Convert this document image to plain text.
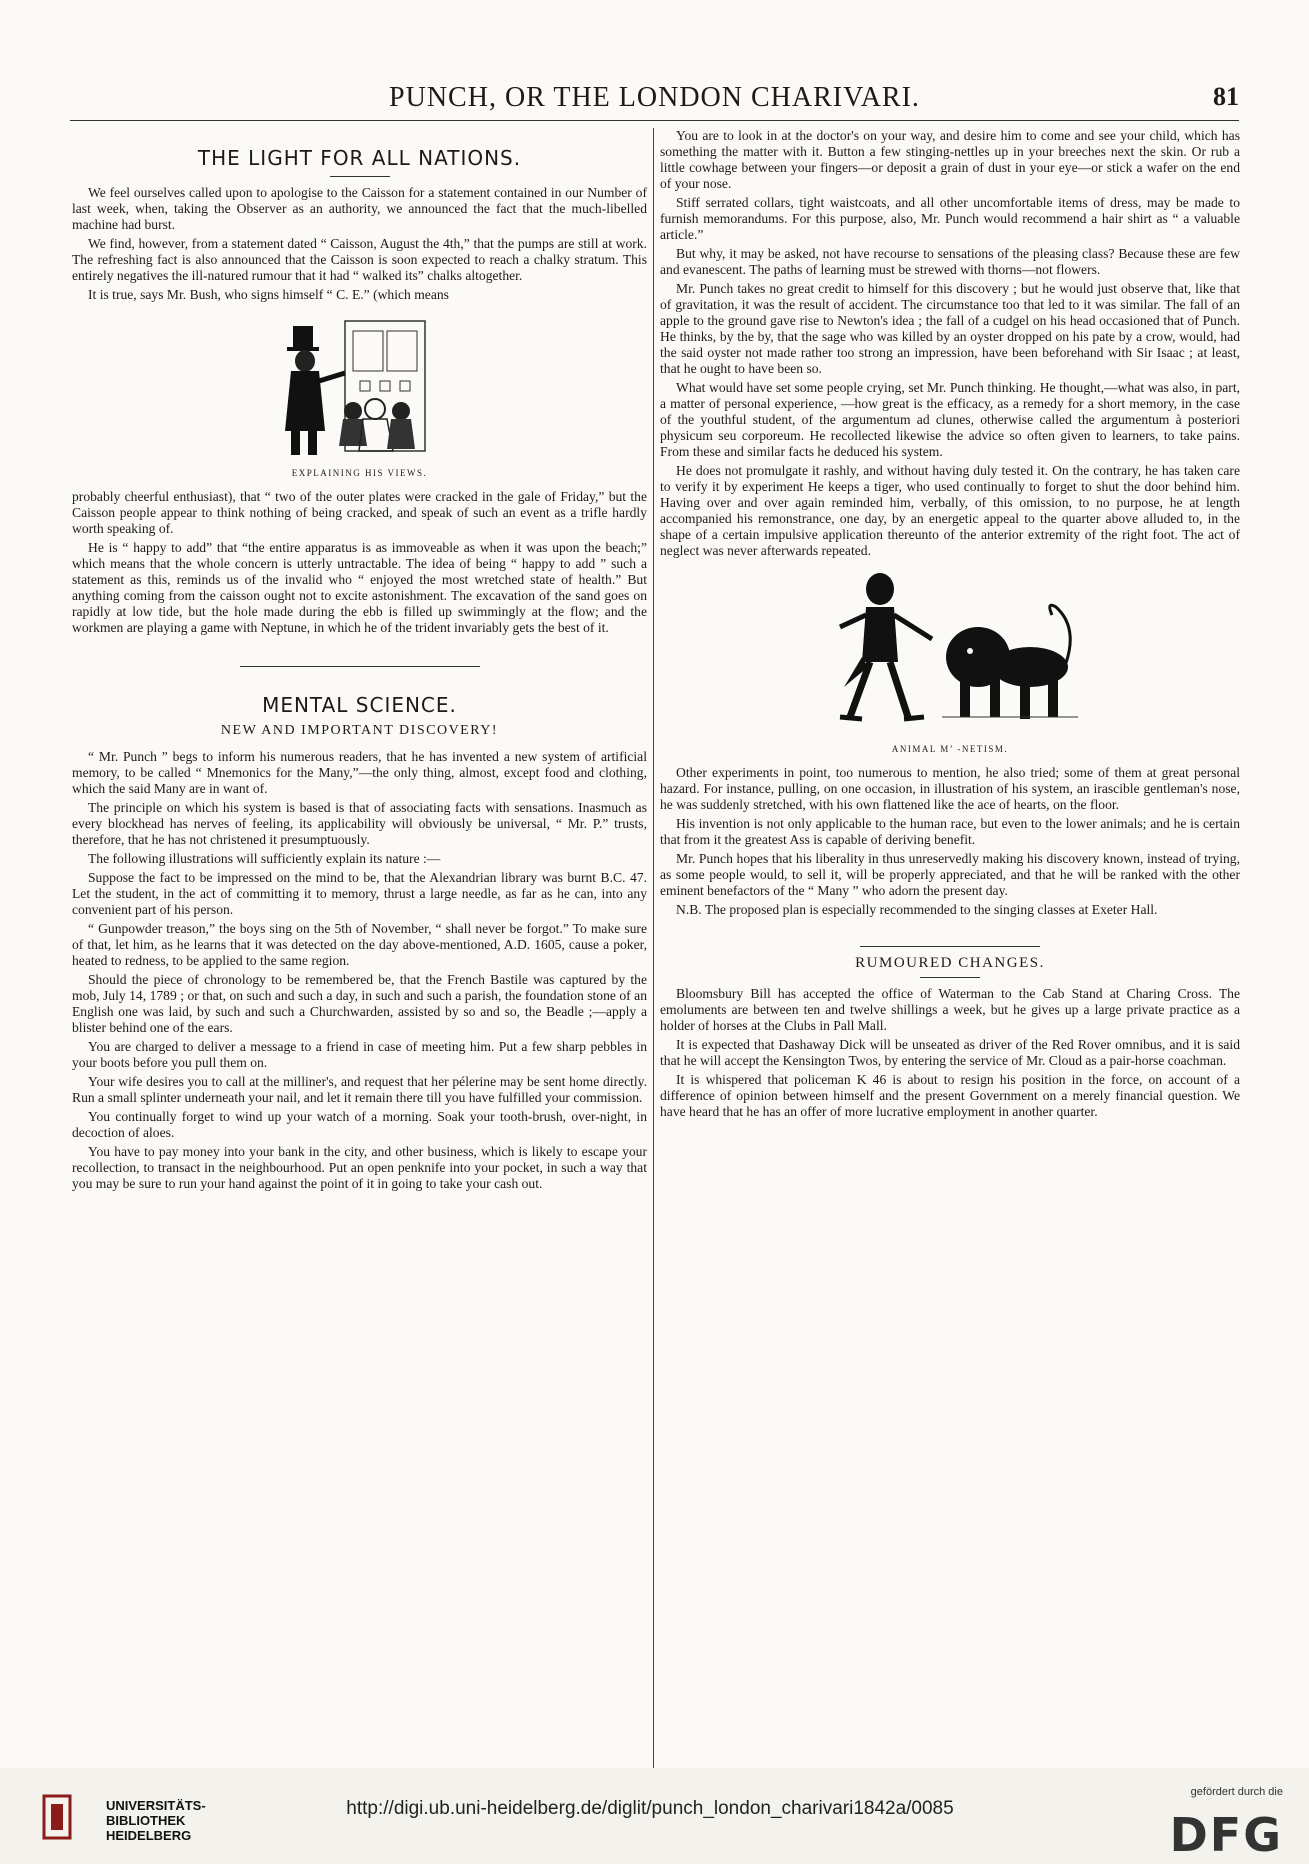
PUNCH, OR THE LONDON CHARIVARI.	81
THE LIGHT FOR ALL NATIONS.

We feel ourselves called upon to apologise to the Caisson for a statement contained in our Number of last week, when, taking the Observer as an authority, we announced the fact that the much-libelled machine had burst.

We find, however, from a statement dated “ Caisson, August the 4th,” that the pumps are still at work. The refreshing fact is also announced that the Caisson is soon expected to reach a chalky stratum. This entirely negatives the ill-natured rumour that it had “ walked its” chalks altogether.

It is true, says Mr. Bush, who signs himself “ C. E.” (which means

EXPLAINING HIS VIEWS.

probably cheerful enthusiast), that “ two of the outer plates were cracked in the gale of Friday,” but the Caisson people appear to think nothing of being cracked, and speak of such an event as a trifle hardly worth speaking of.

He is “ happy to add” that “the entire apparatus is as immoveable as when it was upon the beach;” which means that the whole concern is utterly untractable. The idea of being “ happy to add ” such a statement as this, reminds us of the invalid who “ enjoyed the most wretched state of health.” But anything coming from the caisson ought not to excite astonishment. The excavation of the sand goes on rapidly at low tide, but the hole made during the ebb is filled up swimmingly at the flow; and the workmen are playing a game with Neptune, in which he of the trident invariably gets the best of it.

MENTAL SCIENCE.
NEW AND IMPORTANT DISCOVERY!

“ Mr. Punch ” begs to inform his numerous readers, that he has invented a new system of artificial memory, to be called “ Mnemonics for the Many,”—the only thing, almost, except food and clothing, which the said Many are in want of.

The principle on which his system is based is that of associating facts with sensations. Inasmuch as every blockhead has nerves of feeling, its applicability will obviously be universal, “ Mr. P.” trusts, therefore, that he has not christened it presumptuously.

The following illustrations will sufficiently explain its nature :—

Suppose the fact to be impressed on the mind to be, that the Alexandrian library was burnt B.C. 47. Let the student, in the act of committing it to memory, thrust a large needle, as far as he can, into any convenient part of his person.

“ Gunpowder treason,” the boys sing on the 5th of November, “ shall never be forgot.” To make sure of that, let him, as he learns that it was detected on the day above-mentioned, A.D. 1605, cause a poker, heated to redness, to be applied to the same region.

Should the piece of chronology to be remembered be, that the French Bastile was captured by the mob, July 14, 1789 ; or that, on such and such a day, in such and such a parish, the foundation stone of an English one was laid, by such and such a Churchwarden, assisted by so and so, the Beadle ;—apply a blister behind one of the ears.

You are charged to deliver a message to a friend in case of meeting him. Put a few sharp pebbles in your boots before you pull them on.

Your wife desires you to call at the milliner's, and request that her pélerine may be sent home directly. Run a small splinter underneath your nail, and let it remain there till you have fulfilled your commission.

You continually forget to wind up your watch of a morning. Soak your tooth-brush, over-night, in decoction of aloes.

You have to pay money into your bank in the city, and other business, which is likely to escape your recollection, to transact in the neighbourhood. Put an open penknife into your pocket, in such a way that you may be sure to run your hand against the point of it in going to take your cash out.

You are to look in at the doctor's on your way, and desire him to come and see your child, which has something the matter with it. Button a few stinging-nettles up in your breeches next the skin. Or rub a little cowhage between your fingers—or deposit a grain of dust in your eye—or stick a wafer on the end of your nose.

Stiff serrated collars, tight waistcoats, and all other uncomfortable items of dress, may be made to furnish memorandums. For this purpose, also, Mr. Punch would recommend a hair shirt as “ a valuable article.”

But why, it may be asked, not have recourse to sensations of the pleasing class? Because these are few and evanescent. The paths of learning must be strewed with thorns—not flowers.

Mr. Punch takes no great credit to himself for this discovery ; but he would just observe that, like that of gravitation, it was the result of accident. The circumstance too that led to it was similar. The fall of an apple to the ground gave rise to Newton's idea ; the fall of a cudgel on his head occasioned that of Punch. He thinks, by the by, that the sage who was killed by an oyster dropped on his pate by a crow, would, had the said oyster not made rather too strong an impression, have been beforehand with Sir Isaac ; at least, that he ought to have been so.

What would have set some people crying, set Mr. Punch thinking. He thought,—what was also, in part, a matter of personal experience, —how great is the efficacy, as a remedy for a short memory, in the case of the youthful student, of the argumentum ad clunes, otherwise called the argumentum à posteriori physicum seu corporeum. He recollected likewise the advice so often given to learners, to take pains. From these and similar facts he deduced his system.

He does not promulgate it rashly, and without having duly tested it. On the contrary, he has taken care to verify it by experiment He keeps a tiger, who used continually to forget to shut the door behind him. Having over and over again reminded him, verbally, of this omission, to no purpose, he at length accompanied his remonstrance, one day, by an energetic appeal to the quarter above alluded to, in the shape of a certain impulsive application thereunto of the anterior extremity of the right foot. The act of neglect was never afterwards repeated.

ANIMAL M’ -NETISM.

Other experiments in point, too numerous to mention, he also tried; some of them at great personal hazard. For instance, pulling, on one occasion, in illustration of his system, an irascible gentleman's nose, he was suddenly stretched, with his own flattened like the ace of hearts, on the floor.

His invention is not only applicable to the human race, but even to the lower animals; and he is certain that from it the greatest Ass is capable of deriving benefit.

Mr. Punch hopes that his liberality in thus unreservedly making his discovery known, instead of trying, as some people would, to sell it, will be properly appreciated, and that he will be ranked with the other eminent benefactors of the “ Many ” who adorn the present day.

N.B. The proposed plan is especially recommended to the singing classes at Exeter Hall.

RUMOURED CHANGES.

Bloomsbury Bill has accepted the office of Waterman to the Cab Stand at Charing Cross. The emoluments are between ten and twelve shillings a week, but he gives up a large private practice as a holder of horses at the Clubs in Pall Mall.

It is expected that Dashaway Dick will be unseated as driver of the Red Rover omnibus, and it is said that he will accept the Kensington Twos, by entering the service of Mr. Cloud as a pair-horse coachman.

It is whispered that policeman K 46 is about to resign his position in the force, on account of a difference of opinion between himself and the present Government on a merely financial question. We have heard that he has an offer of more lucrative employment in another quarter.

UNIVERSITÄTS-
BIBLIOTHEK
HEIDELBERG
http://digi.ub.uni-heidelberg.de/diglit/punch_london_charivari1842a/0085
gefördert durch die
DFG
